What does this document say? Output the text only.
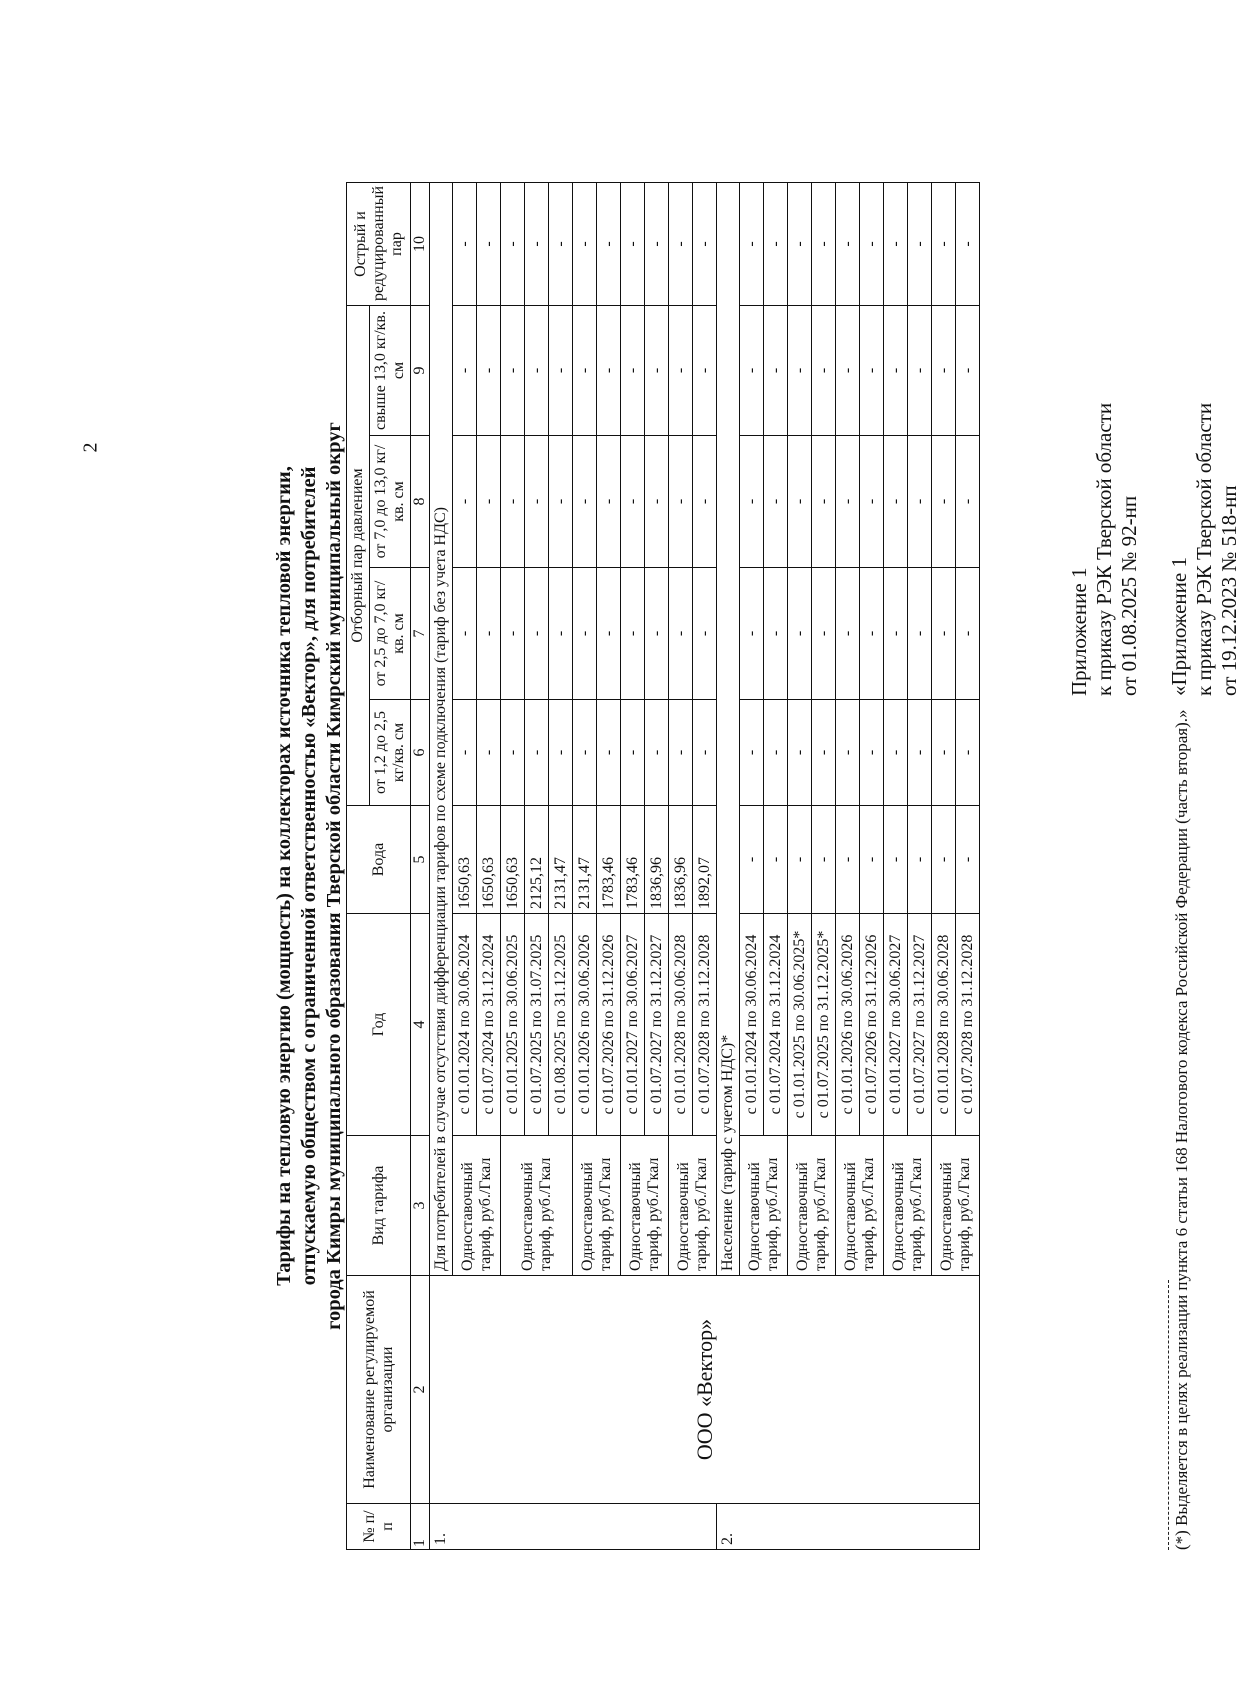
2
Приложение 1 к приказу РЭК Тверской области от 01.08.2025 № 92-нп «Приложение 1 к приказу РЭК Тверской области от 19.12.2023 № 518-нп
Тарифы на тепловую энергию (мощность) на коллекторах источника тепловой энергии, отпускаемую обществом с ограниченной ответственностью «Вектор», для потребителей города Кимры муниципального образования Тверской области Кимрский муниципальный округ
№ п/п	Наименование регулируемой организации	Вид тарифа	Год	Вода	Отборный пар давлением				Острый и редуцированный пар
					от 1,2 до 2,5 кг/кв. см	от 2,5 до 7,0 кг/кв. см	от 7,0 до 13,0 кг/кв. см	свыше 13,0 кг/кв. см	
1	2	3	4	5	6	7	8	9	10
1.	ООО «Вектор»	Для потребителей в случае отсутствия дифференциации тарифов по схеме подключения (тариф без учета НДС)							
		Одноставочный тариф, руб./Гкал	с 01.01.2024 по 30.06.2024	1650,63	-	-	-	-	-
			с 01.07.2024 по 31.12.2024	1650,63	-	-	-	-	-
		Одноставочный тариф, руб./Гкал	с 01.01.2025 по 30.06.2025	1650,63	-	-	-	-	-
			с 01.07.2025 по 31.07.2025	2125,12	-	-	-	-	-
			с 01.08.2025 по 31.12.2025	2131,47	-	-	-	-	-
		Одноставочный тариф, руб./Гкал	с 01.01.2026 по 30.06.2026	2131,47	-	-	-	-	-
			с 01.07.2026 по 31.12.2026	1783,46	-	-	-	-	-
		Одноставочный тариф, руб./Гкал	с 01.01.2027 по 30.06.2027	1783,46	-	-	-	-	-
			с 01.07.2027 по 31.12.2027	1836,96	-	-	-	-	-
		Одноставочный тариф, руб./Гкал	с 01.01.2028 по 30.06.2028	1836,96	-	-	-	-	-
			с 01.07.2028 по 31.12.2028	1892,07	-	-	-	-	-
2.		Население (тариф с учетом НДС)*							
		Одноставочный тариф, руб./Гкал	с 01.01.2024 по 30.06.2024	-	-	-	-	-	-
			с 01.07.2024 по 31.12.2024	-	-	-	-	-	-
		Одноставочный тариф, руб./Гкал	с 01.01.2025 по 30.06.2025*	-	-	-	-	-	-
			с 01.07.2025 по 31.12.2025*	-	-	-	-	-	-
		Одноставочный тариф, руб./Гкал	с 01.01.2026 по 30.06.2026	-	-	-	-	-	-
			с 01.07.2026 по 31.12.2026	-	-	-	-	-	-
		Одноставочный тариф, руб./Гкал	с 01.01.2027 по 30.06.2027	-	-	-	-	-	-
			с 01.07.2027 по 31.12.2027	-	-	-	-	-	-
		Одноставочный тариф, руб./Гкал	с 01.01.2028 по 30.06.2028	-	-	-	-	-	-
			с 01.07.2028 по 31.12.2028	-	-	-	-	-	-
(*) Выделяется в целях реализации пункта 6 статьи 168 Налогового кодекса Российской Федерации (часть вторая).»
